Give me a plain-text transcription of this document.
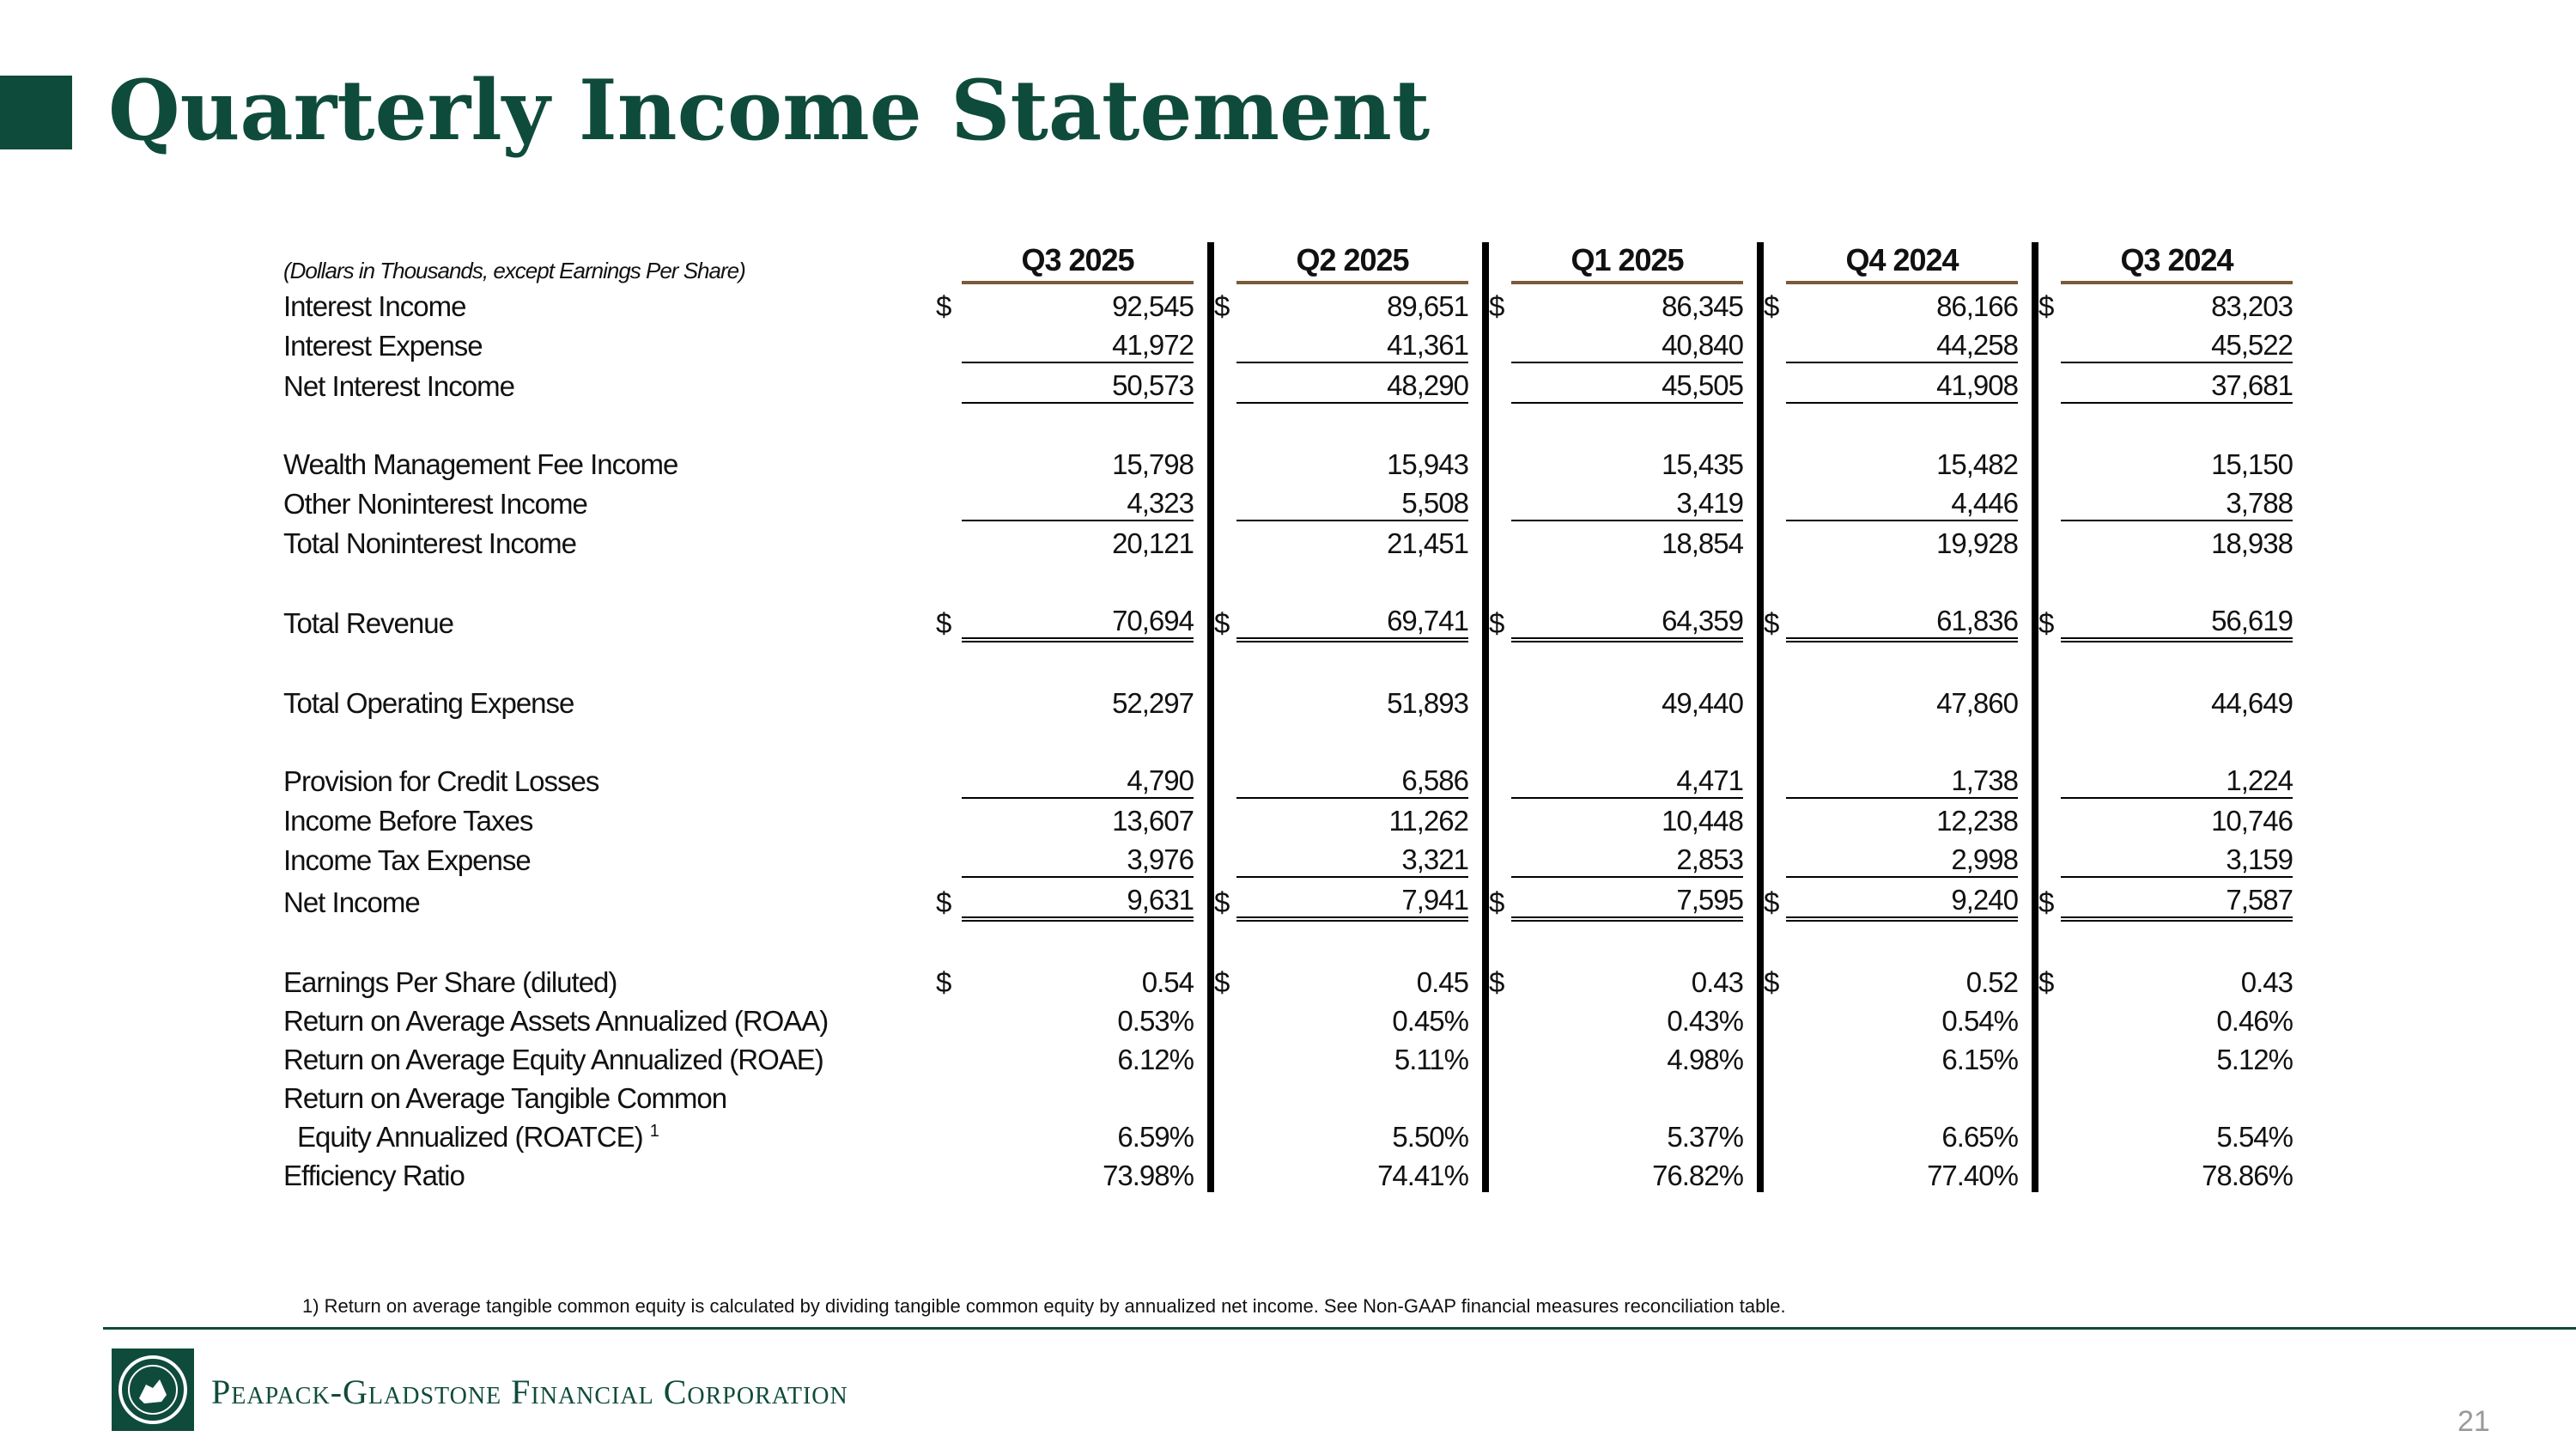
Quarterly Income Statement
(Dollars in Thousands, except Earnings Per Share)		Q3 2025			Q2 2025			Q1 2025			Q4 2024			Q3 2024	
Interest Income	$	92,545		$	89,651		$	86,345		$	86,166		$	83,203	
Interest Expense		41,972			41,361			40,840			44,258			45,522	
Net Interest Income		50,573			48,290			45,505			41,908			37,681	

Wealth Management Fee Income		15,798			15,943			15,435			15,482			15,150	
Other Noninterest Income		4,323			5,508			3,419			4,446			3,788	
Total Noninterest Income		20,121			21,451			18,854			19,928			18,938	

Total Revenue	$	70,694		$	69,741		$	64,359		$	61,836		$	56,619	

Total Operating Expense		52,297			51,893			49,440			47,860			44,649	

Provision for Credit Losses		4,790			6,586			4,471			1,738			1,224	
Income Before Taxes		13,607			11,262			10,448			12,238			10,746	
Income Tax Expense		3,976			3,321			2,853			2,998			3,159	
Net Income	$	9,631		$	7,941		$	7,595		$	9,240		$	7,587	

Earnings Per Share (diluted)	$	0.54		$	0.45		$	0.43		$	0.52		$	0.43	
Return on Average Assets Annualized (ROAA)		0.53%			0.45%			0.43%			0.54%			0.46%	
Return on Average Equity Annualized (ROAE)		6.12%			5.11%			4.98%			6.15%			5.12%	
Return on Average Tangible Common															
Equity Annualized (ROATCE) $^1$		6.59%			5.50%			5.37%			6.65%			5.54%	
Efficiency Ratio		73.98%			74.41%			76.82%			77.40%			78.86%	

1) Return on average tangible common equity is calculated by dividing tangible common equity by annualized net income. See Non-GAAP financial measures reconciliation table.

Peapack-Gladstone Financial Corporation

21
